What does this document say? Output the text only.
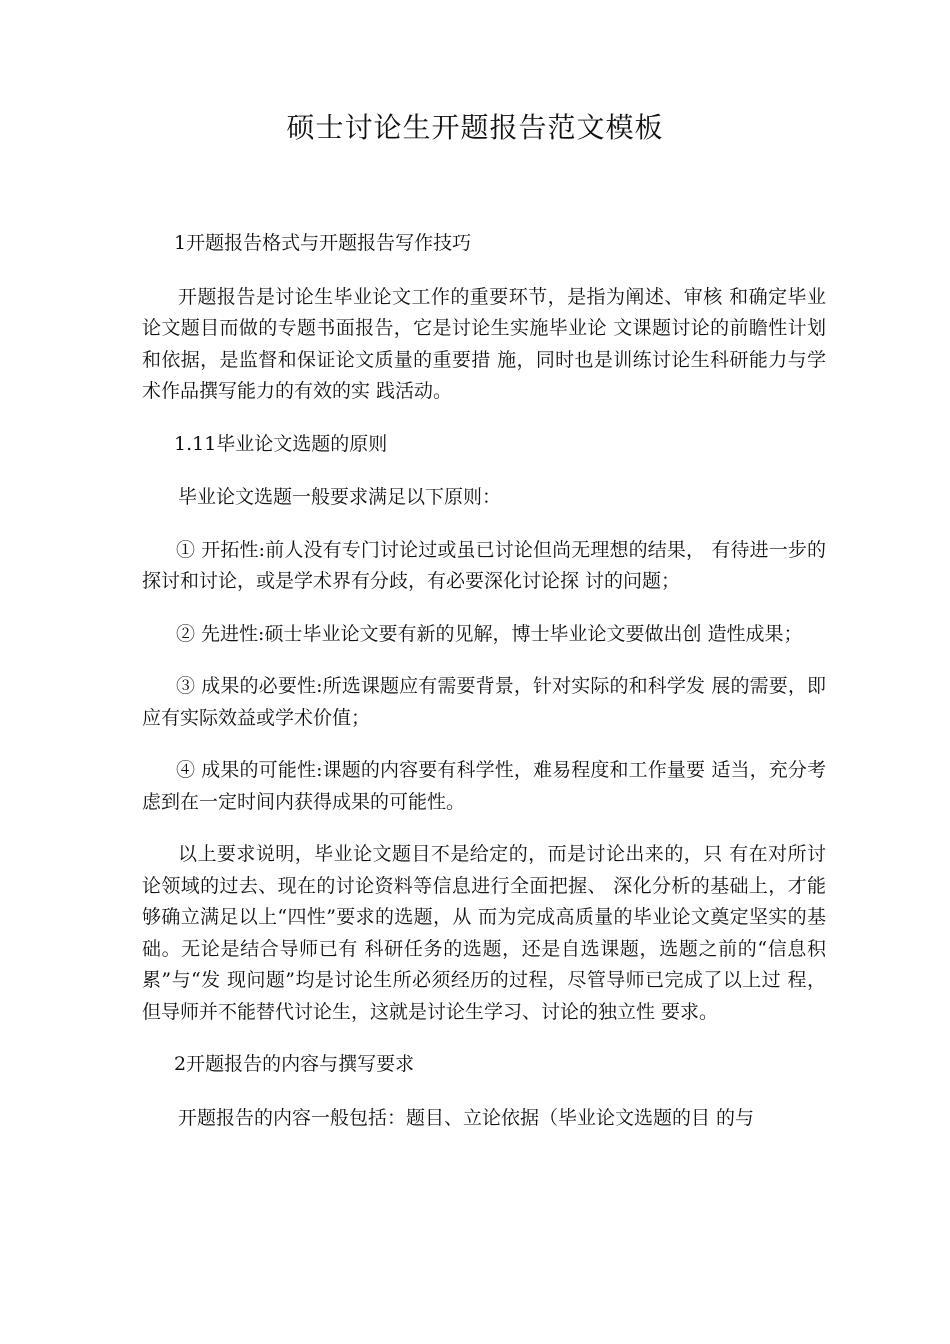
硕士讨论生开题报告范文模板

1开题报告格式与开题报告写作技巧

开题报告是讨论生毕业论文工作的重要环节，是指为阐述、审核 和确定毕业论文题目而做的专题书面报告，它是讨论生实施毕业论 文课题讨论的前瞻性计划和依据，是监督和保证论文质量的重要措 施，同时也是训练讨论生科研能力与学术作品撰写能力的有效的实 践活动。

1.11毕业论文选题的原则

毕业论文选题一般要求满足以下原则：

① 开拓性:前人没有专门讨论过或虽已讨论但尚无理想的结果， 有待进一步的探讨和讨论，或是学术界有分歧，有必要深化讨论探 讨的问题；

② 先进性:硕士毕业论文要有新的见解，博士毕业论文要做出创 造性成果；

③ 成果的必要性:所选课题应有需要背景，针对实际的和科学发 展的需要，即应有实际效益或学术价值；

④ 成果的可能性:课题的内容要有科学性，难易程度和工作量要 适当，充分考虑到在一定时间内获得成果的可能性。

以上要求说明，毕业论文题目不是给定的，而是讨论出来的，只 有在对所讨论领域的过去、现在的讨论资料等信息进行全面把握、 深化分析的基础上，才能够确立满足以上“四性”要求的选题，从 而为完成高质量的毕业论文奠定坚实的基础。无论是结合导师已有 科研任务的选题，还是自选课题，选题之前的“信息积累”与“发 现问题”均是讨论生所必须经历的过程，尽管导师已完成了以上过 程，但导师并不能替代讨论生，这就是讨论生学习、讨论的独立性 要求。

2开题报告的内容与撰写要求

开题报告的内容一般包括：题目、立论依据（毕业论文选题的目 的与
